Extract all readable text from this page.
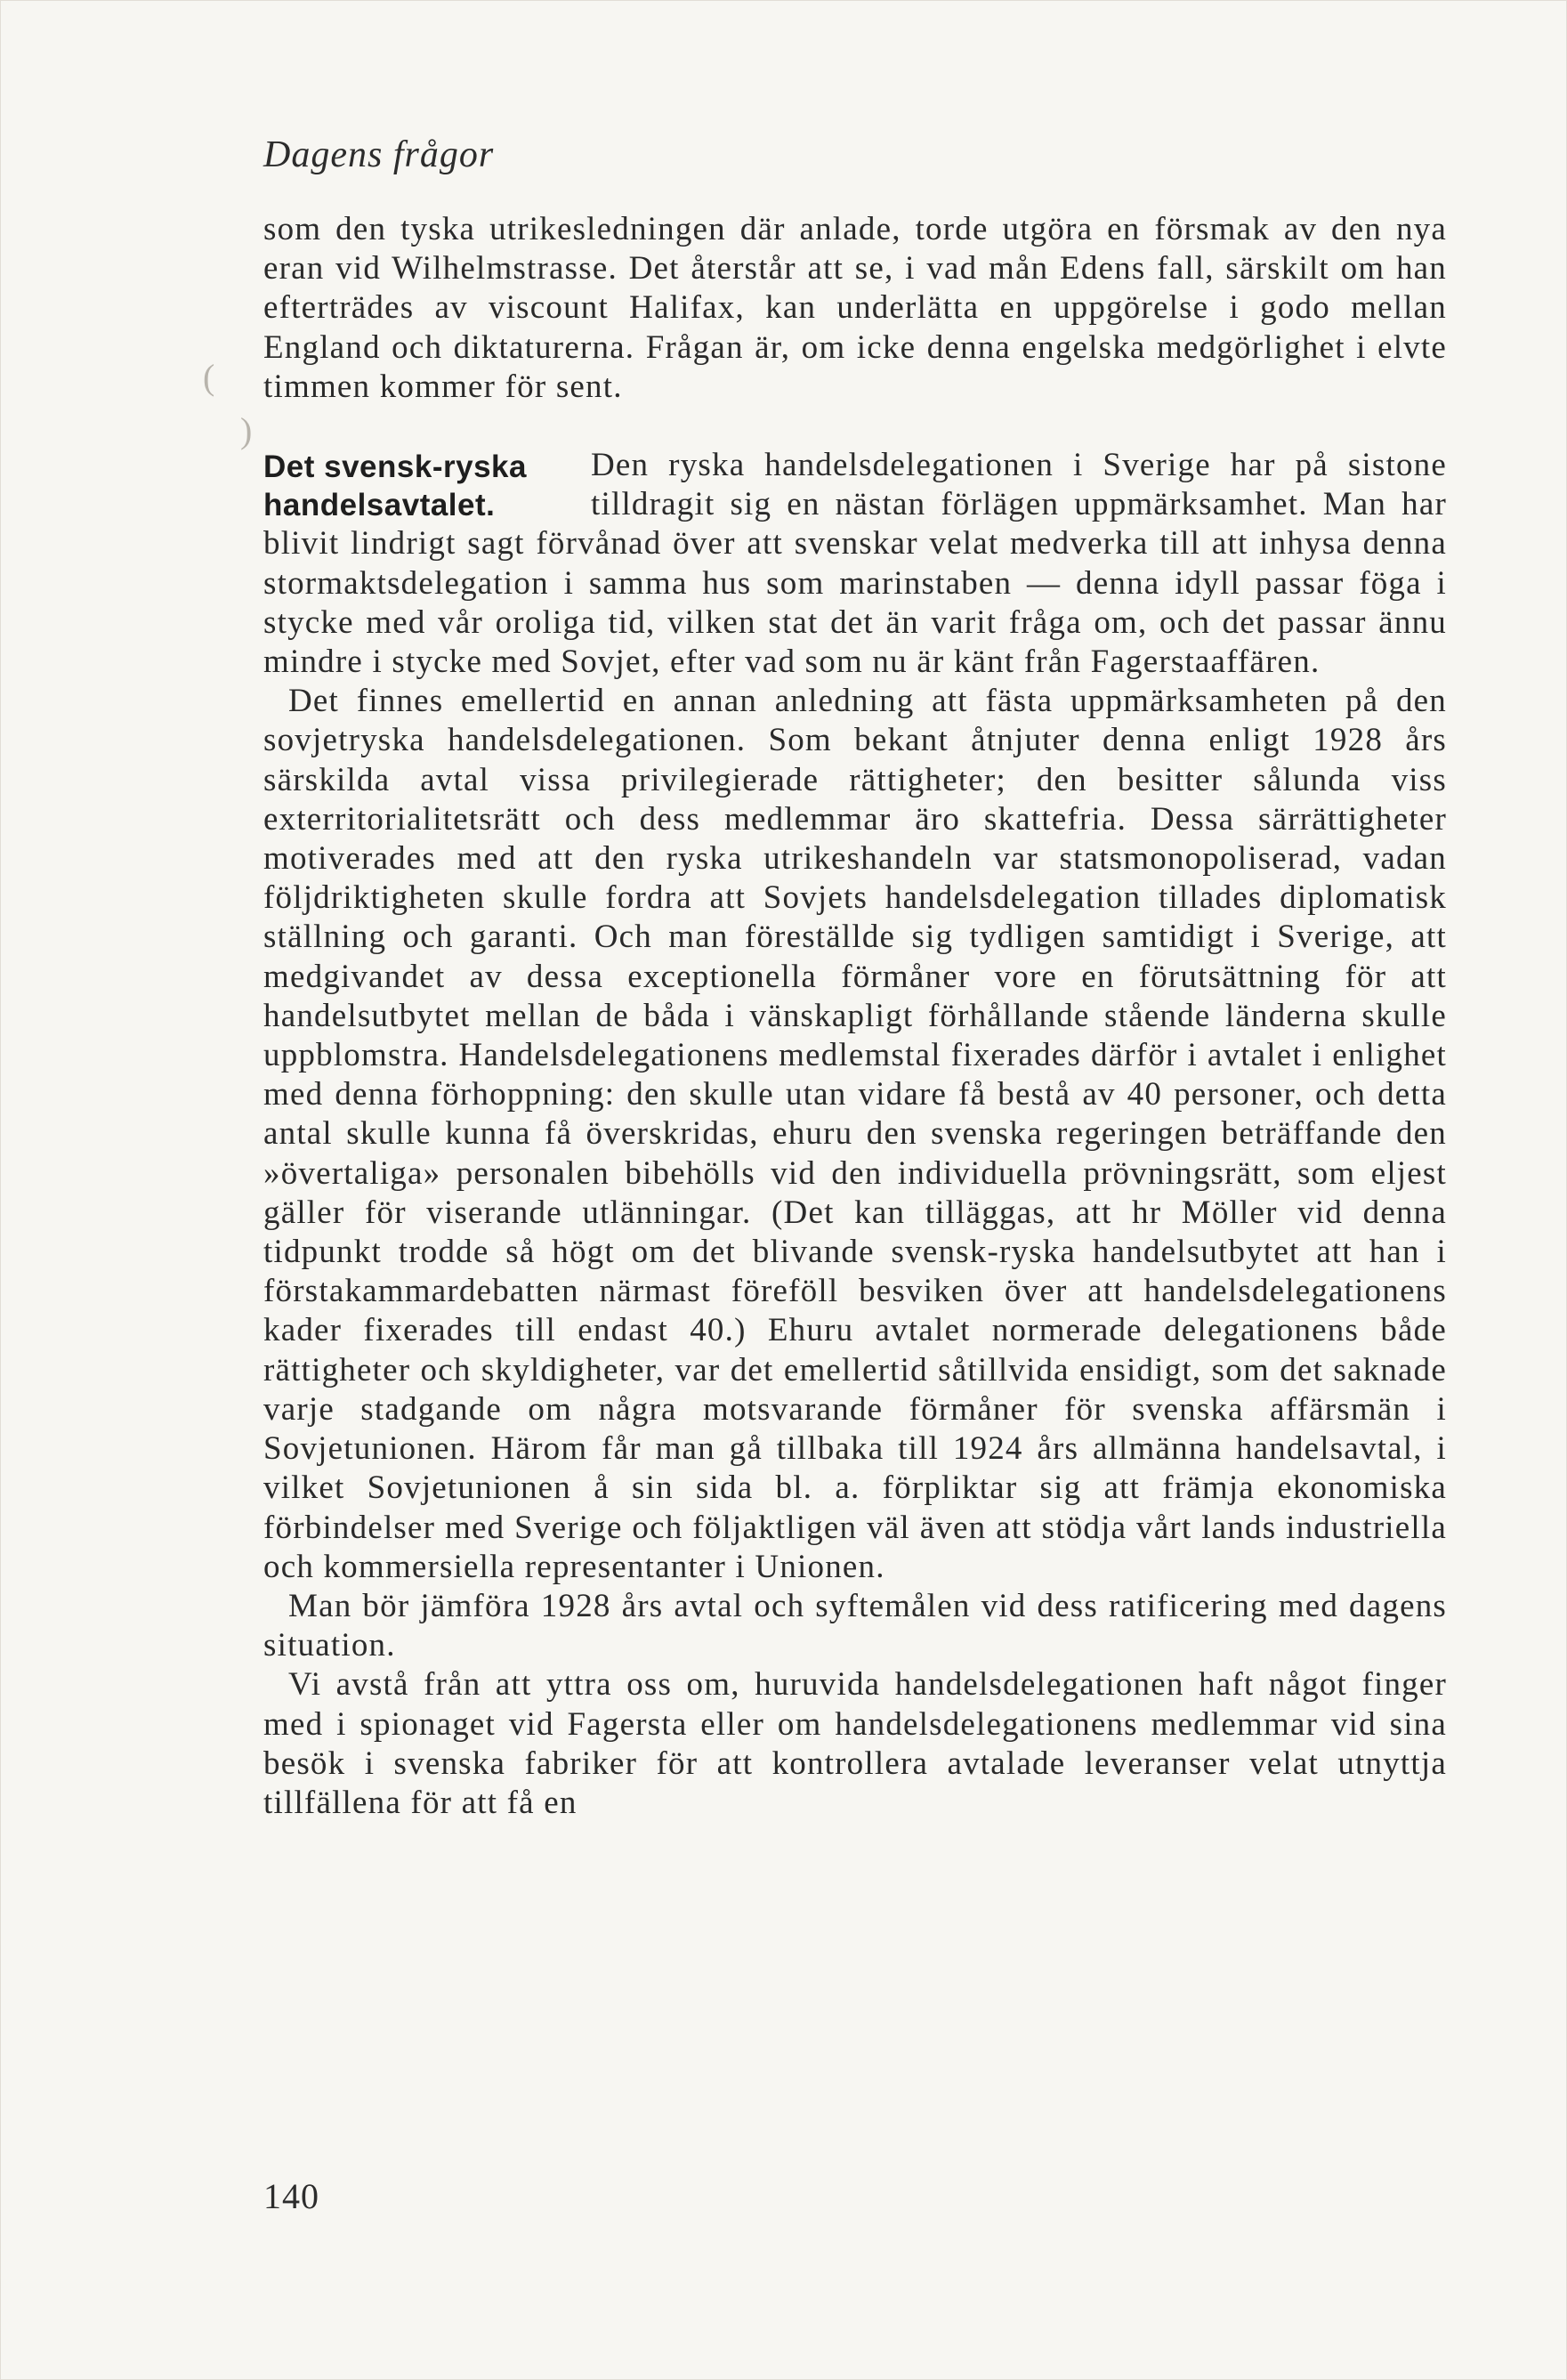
Dagens frågor

som den tyska utrikesledningen där anlade, torde utgöra en försmak av den nya eran vid Wilhelmstrasse. Det återstår att se, i vad mån Edens fall, särskilt om han efterträdes av viscount Halifax, kan underlätta en uppgörelse i godo mellan England och diktaturerna. Frågan är, om icke denna engelska medgörlighet i elvte timmen kommer för sent.

Det svensk-ryska handelsavtalet.
Den ryska handelsdelegationen i Sverige har på sistone tilldragit sig en nästan förlägen uppmärksamhet. Man har blivit lindrigt sagt förvånad över att svenskar velat medverka till att inhysa denna stormaktsdelegation i samma hus som marinstaben — denna idyll passar föga i stycke med vår oroliga tid, vilken stat det än varit fråga om, och det passar ännu mindre i stycke med Sovjet, efter vad som nu är känt från Fagerstaaffären.

Det finnes emellertid en annan anledning att fästa uppmärksamheten på den sovjetryska handelsdelegationen. Som bekant åtnjuter denna enligt 1928 års särskilda avtal vissa privilegierade rättigheter; den besitter sålunda viss exterritorialitetsrätt och dess medlemmar äro skattefria. Dessa särrättigheter motiverades med att den ryska utrikeshandeln var statsmonopoliserad, vadan följdriktigheten skulle fordra att Sovjets handelsdelegation tillades diplomatisk ställning och garanti. Och man föreställde sig tydligen samtidigt i Sverige, att medgivandet av dessa exceptionella förmåner vore en förutsättning för att handelsutbytet mellan de båda i vänskapligt förhållande stående länderna skulle uppblomstra. Handelsdelegationens medlemstal fixerades därför i avtalet i enlighet med denna förhoppning: den skulle utan vidare få bestå av 40 personer, och detta antal skulle kunna få överskridas, ehuru den svenska regeringen beträffande den »övertaliga» personalen bibehölls vid den individuella prövningsrätt, som eljest gäller för viserande utlänningar. (Det kan tilläggas, att hr Möller vid denna tidpunkt trodde så högt om det blivande svensk-ryska handelsutbytet att han i förstakammardebatten närmast föreföll besviken över att handelsdelegationens kader fixerades till endast 40.) Ehuru avtalet normerade delegationens både rättigheter och skyldigheter, var det emellertid såtillvida ensidigt, som det saknade varje stadgande om några motsvarande förmåner för svenska affärsmän i Sovjetunionen. Härom får man gå tillbaka till 1924 års allmänna handelsavtal, i vilket Sovjetunionen å sin sida bl. a. förpliktar sig att främja ekonomiska förbindelser med Sverige och följaktligen väl även att stödja vårt lands industriella och kommersiella representanter i Unionen.

Man bör jämföra 1928 års avtal och syftemålen vid dess ratificering med dagens situation.

Vi avstå från att yttra oss om, huruvida handelsdelegationen haft något finger med i spionaget vid Fagersta eller om handelsdelegationens medlemmar vid sina besök i svenska fabriker för att kontrollera avtalade leveranser velat utnyttja tillfällena för att få en

140
(
)
